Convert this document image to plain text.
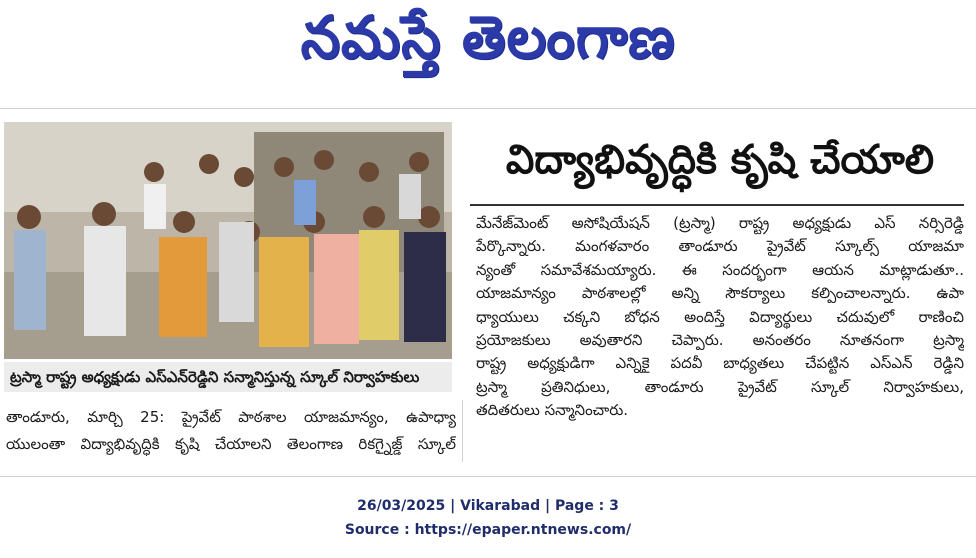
నమస్తే తెలంగాణ
ట్రస్మా రాష్ట్ర అధ్యక్షుడు ఎస్ఎన్‌రెడ్డిని సన్మానిస్తున్న స్కూల్ నిర్వాహకులు
విద్యాభివృద్ధికి కృషి చేయాలి
మేనేజ్‌మెంట్ అసోషియేషన్ (ట్రస్మా) రాష్ట్ర అధ్యక్షుడు ఎస్ నర్సిరెడ్డి
పేర్కొన్నారు. మంగళవారం తాండూరు ప్రైవేట్ స్కూల్స్ యాజమా
న్యంతో సమావేశమయ్యారు. ఈ సందర్భంగా ఆయన మాట్లాడుతూ..
యాజమాన్యం పాఠశాలల్లో అన్ని సౌకర్యాలు కల్పించాలన్నారు. ఉపా
ధ్యాయులు చక్కని బోధన అందిస్తే విద్యార్థులు చదువులో రాణించి
ప్రయోజకులు అవుతారని చెప్పారు. అనంతరం నూతనంగా ట్రస్మా
రాష్ట్ర అధ్యక్షుడిగా ఎన్నికై పదవీ బాధ్యతలు చేపట్టిన ఎస్ఎన్ రెడ్డిని
ట్రస్మా ప్రతినిధులు, తాండూరు ప్రైవేట్ స్కూల్ నిర్వాహకులు,
తదితరులు సన్మానించారు.
తాండూరు, మార్చి 25: ప్రైవేట్ పాఠశాల యాజమాన్యం, ఉపాధ్యా
యులంతా విద్యాభివృద్ధికి కృషి చేయాలని తెలంగాణ రికగ్నైజ్డ్ స్కూల్
26/03/2025 | Vikarabad | Page : 3
Source : https://epaper.ntnews.com/
